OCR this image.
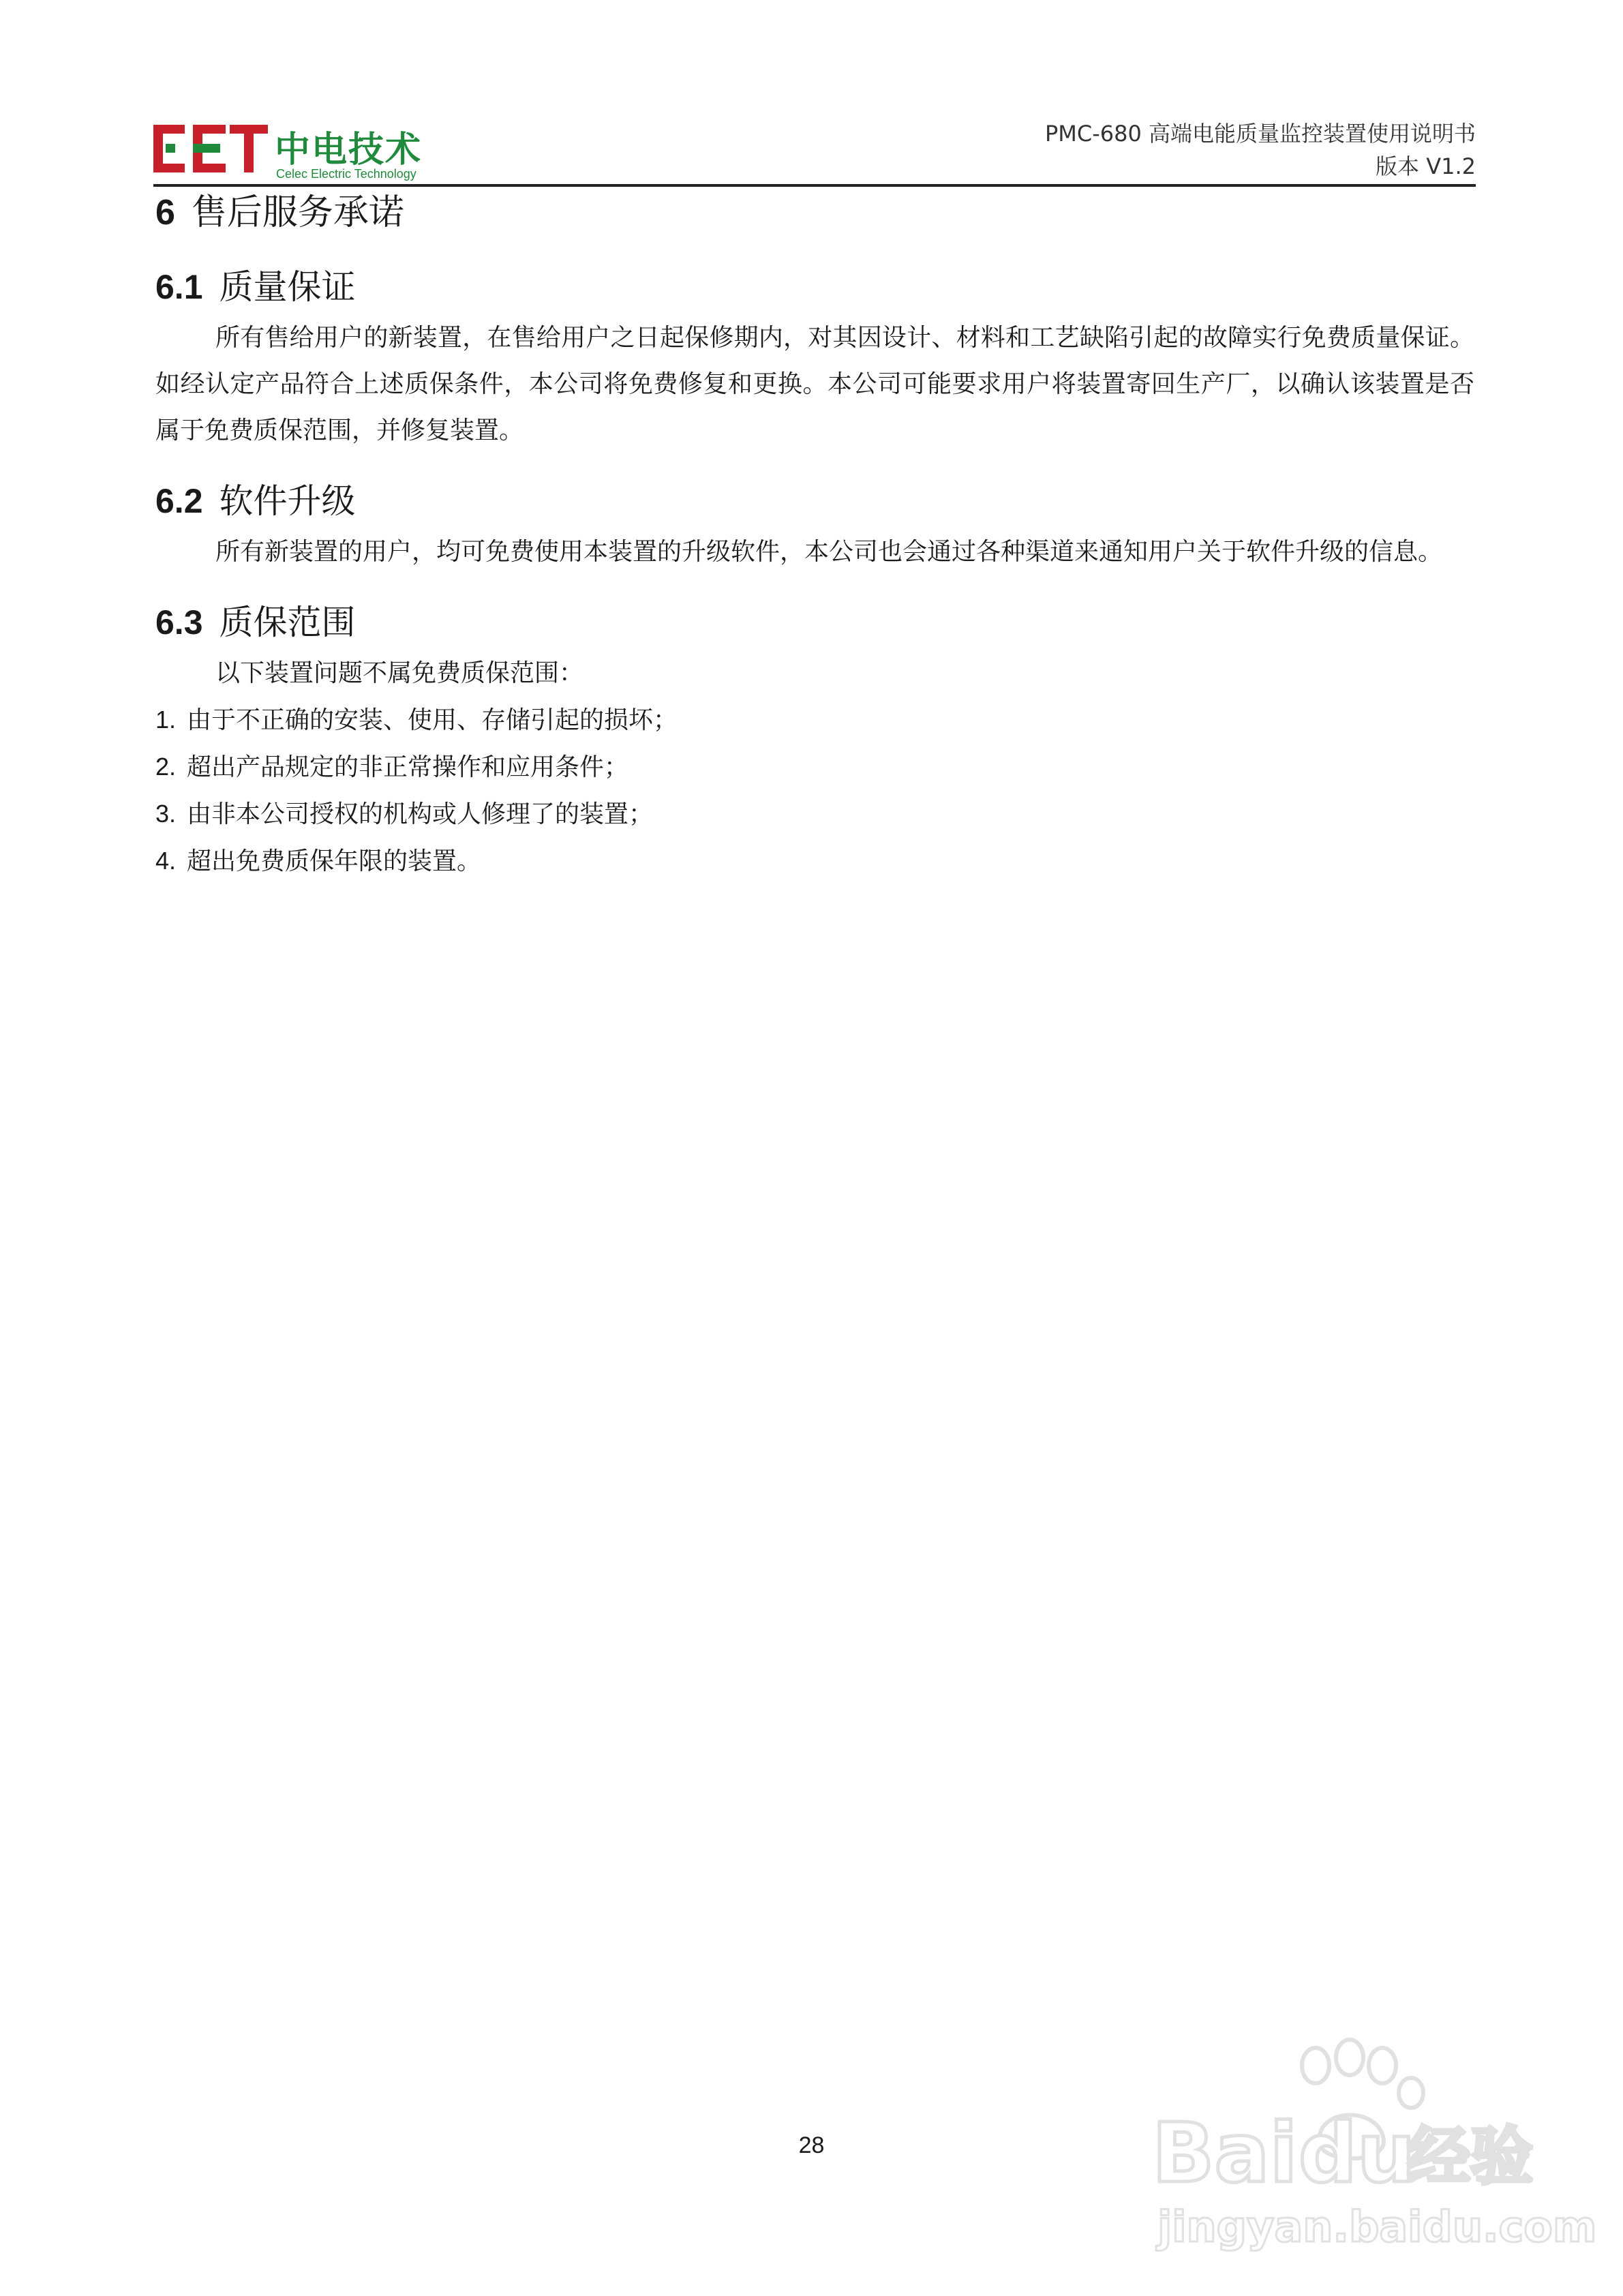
中电技术
Celec Electric Technology
PMC-680 高端电能质量监控装置使用说明书
版本 V1.2
6 售后服务承诺
6.1 质量保证

所有售给用户的新装置，在售给用户之日起保修期内，对其因设计、材料和工艺缺陷引起的故障实行免费质量保证。如经认定产品符合上述质保条件，本公司将免费修复和更换。本公司可能要求用户将装置寄回生产厂，以确认该装置是否属于免费质保范围，并修复装置。

6.2 软件升级

所有新装置的用户，均可免费使用本装置的升级软件，本公司也会通过各种渠道来通知用户关于软件升级的信息。

6.3 质保范围

以下装置问题不属免费质保范围：

1. 由于不正确的安装、使用、存储引起的损坏；
2. 超出产品规定的非正常操作和应用条件；
3. 由非本公司授权的机构或人修理了的装置；
4. 超出免费质保年限的装置。
28	Bai du
经验
jingyan.baidu.com
